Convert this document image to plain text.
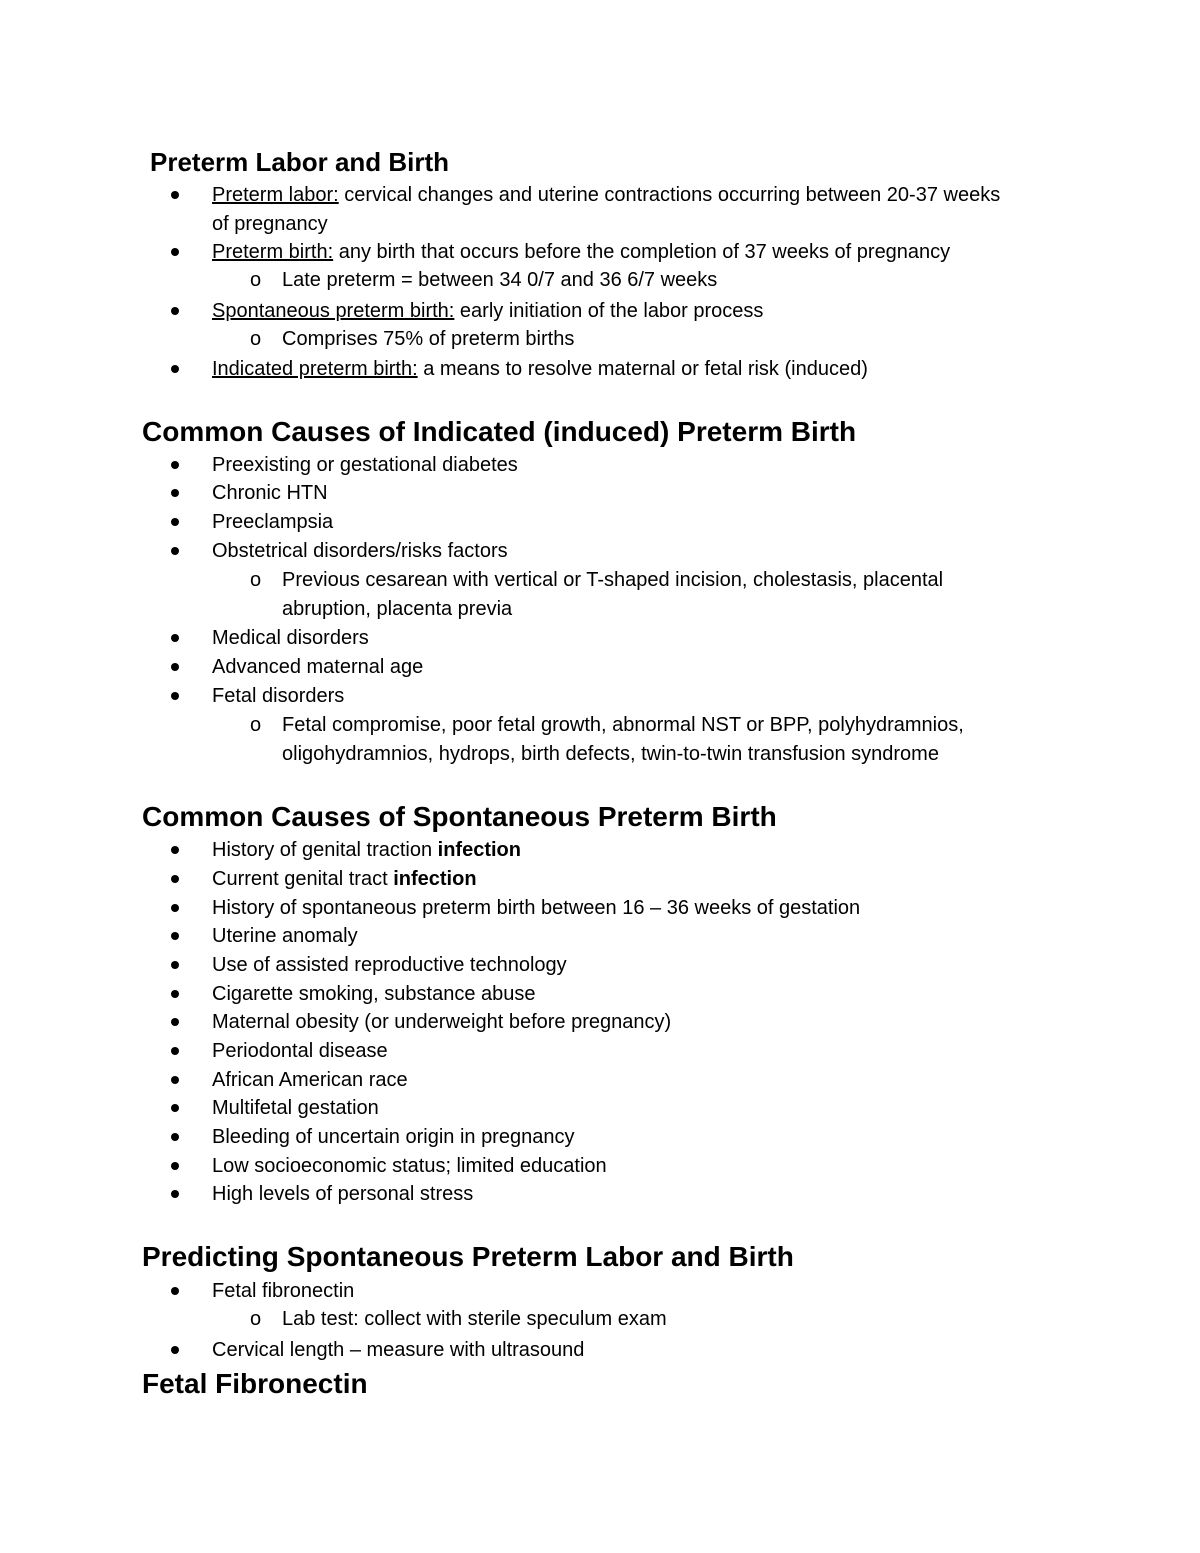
Preterm Labor and Birth
Preterm labor: cervical changes and uterine contractions occurring between 20-37 weeks of pregnancy
Preterm birth: any birth that occurs before the completion of 37 weeks of pregnancy
o Late preterm = between 34 0/7 and 36 6/7 weeks
Spontaneous preterm birth: early initiation of the labor process
o Comprises 75% of preterm births
Indicated preterm birth: a means to resolve maternal or fetal risk (induced)
Common Causes of Indicated (induced) Preterm Birth
Preexisting or gestational diabetes
Chronic HTN
Preeclampsia
Obstetrical disorders/risks factors
o Previous cesarean with vertical or T-shaped incision, cholestasis, placental abruption, placenta previa
Medical disorders
Advanced maternal age
Fetal disorders
o Fetal compromise, poor fetal growth, abnormal NST or BPP, polyhydramnios, oligohydramnios, hydrops, birth defects, twin-to-twin transfusion syndrome
Common Causes of Spontaneous Preterm Birth
History of genital traction infection
Current genital tract infection
History of spontaneous preterm birth between 16 – 36 weeks of gestation
Uterine anomaly
Use of assisted reproductive technology
Cigarette smoking, substance abuse
Maternal obesity (or underweight before pregnancy)
Periodontal disease
African American race
Multifetal gestation
Bleeding of uncertain origin in pregnancy
Low socioeconomic status; limited education
High levels of personal stress
Predicting Spontaneous Preterm Labor and Birth
Fetal fibronectin
o Lab test: collect with sterile speculum exam
Cervical length – measure with ultrasound
Fetal Fibronectin
